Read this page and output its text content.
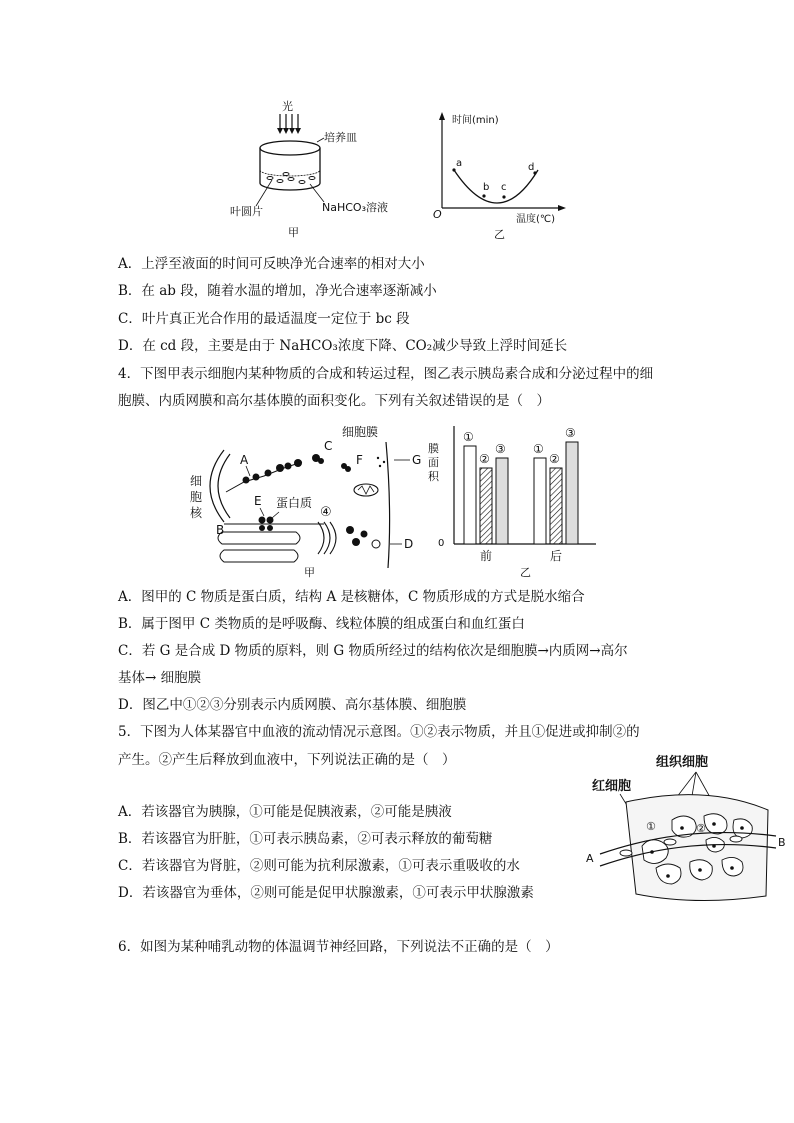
光
培养皿
叶圆片	NaHCO₃溶液
甲
时间(min)
温度(℃)
O
a
b c
d
乙
A．上浮至液面的时间可反映净光合速率的相对大小
B．在 ab 段，随着水温的增加，净光合速率逐渐减小
C．叶片真正光合作用的最适温度一定位于 bc 段
D．在 cd 段，主要是由于 NaHCO₃浓度下降、CO₂减少导致上浮时间延长
4．下图甲表示细胞内某种物质的合成和转运过程，图乙表示胰岛素合成和分泌过程中的细
胞膜、内质网膜和高尔基体膜的面积变化。下列有关叙述错误的是（　）
细
胞
核
A
C
E 蛋白质
B
④
细胞膜
F	G
D
甲
膜
面
积
0
①
②
③ ①
②
③
前	后
乙
A．图甲的 C 物质是蛋白质，结构 A 是核糖体，C 物质形成的方式是脱水缩合
B．属于图甲 C 类物质的是呼吸酶、线粒体膜的组成蛋白和血红蛋白
C．若 G 是合成 D 物质的原料，则 G 物质所经过的结构依次是细胞膜→内质网→高尔
基体→ 细胞膜
D．图乙中①②③分别表示内质网膜、高尔基体膜、细胞膜
5．下图为人体某器官中血液的流动情况示意图。①②表示物质，并且①促进或抑制②的
产生。②产生后释放到血液中，下列说法正确的是（　）	组织细胞
红细胞
①	②
A
B
A．若该器官为胰腺，①可能是促胰液素，②可能是胰液
B．若该器官为肝脏，①可表示胰岛素，②可表示释放的葡萄糖
C．若该器官为肾脏，②则可能为抗利尿激素，①可表示重吸收的水
D．若该器官为垂体，②则可能是促甲状腺激素，①可表示甲状腺激素
6．如图为某种哺乳动物的体温调节神经回路，下列说法不正确的是（　）
